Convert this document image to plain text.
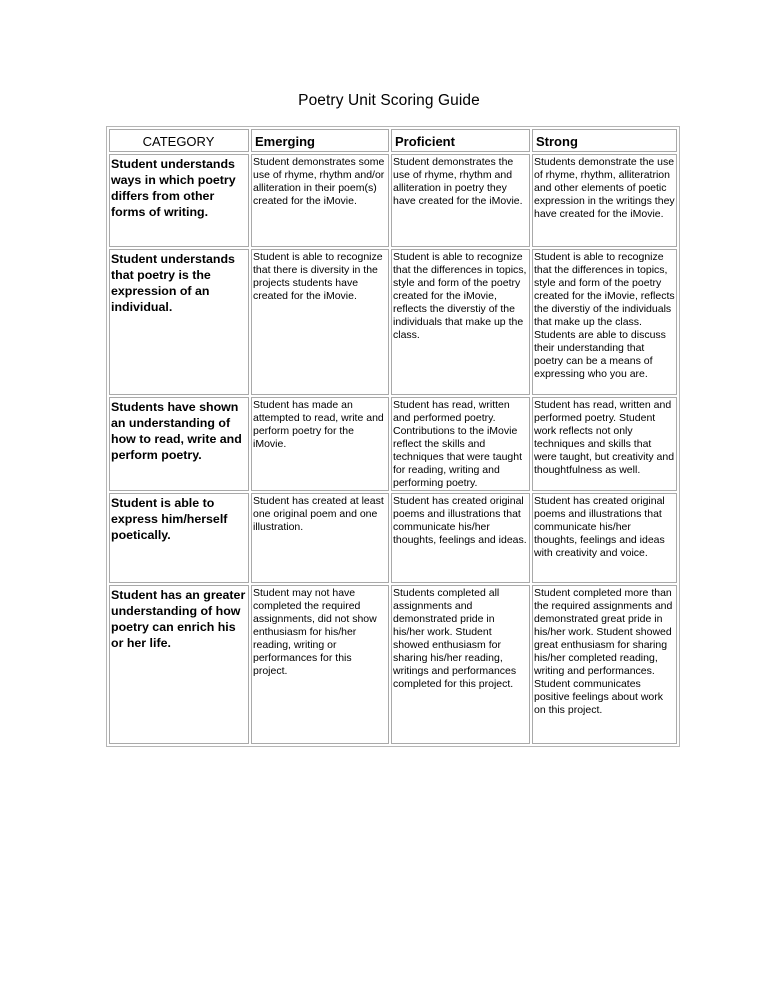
Poetry Unit Scoring Guide
CATEGORY	Emerging	Proficient	Strong
Student understands ways in which poetry differs from other forms of writing.	Student demonstrates some use of rhyme, rhythm and/or alliteration in their poem(s) created for the iMovie.	Student demonstrates the use of rhyme, rhythm and alliteration in poetry they have created for the iMovie.	Students demonstrate the use of rhyme, rhythm, alliteratrion and other elements of poetic expression in the writings they have created for the iMovie.
Student understands that poetry is the expression of an individual.	Student is able to recognize that there is diversity in the projects students have created for the iMovie.	Student is able to recognize that the differences in topics, style and form of the poetry created for the iMovie, reflects the diverstiy of the individuals that make up the class.	Student is able to recognize that the differences in topics, style and form of the poetry created for the iMovie, reflects the diverstiy of the individuals that make up the class. Students are able to discuss their understanding that poetry can be a means of expressing who you are.
Students have shown an understanding of how to read, write and perform poetry.	Student has made an attempted to read, write and perform poetry for the iMovie.	Student has read, written and performed poetry. Contributions to the iMovie reflect the skills and techniques that were taught for reading, writing and performing poetry.	Student has read, written and performed poetry. Student work reflects not only techniques and skills that were taught, but creativity and thoughtfulness as well.
Student is able to express him/herself poetically.	Student has created at least one original poem and one illustration.	Student has created original poems and illustrations that communicate his/her thoughts, feelings and ideas.	Student has created original poems and illustrations that communicate his/her thoughts, feelings and ideas with creativity and voice.
Student has an greater understanding of how poetry can enrich his or her life.	Student may not have completed the required assignments, did not show enthusiasm for his/her reading, writing or performances for this project.	Students completed all assignments and demonstrated pride in his/her work. Student showed enthusiasm for sharing his/her reading, writings and performances completed for this project.	Student completed more than the required assignments and demonstrated great pride in his/her work. Student showed great enthusiasm for sharing his/her completed reading, writing and performances. Student communicates positive feelings about work on this project.
